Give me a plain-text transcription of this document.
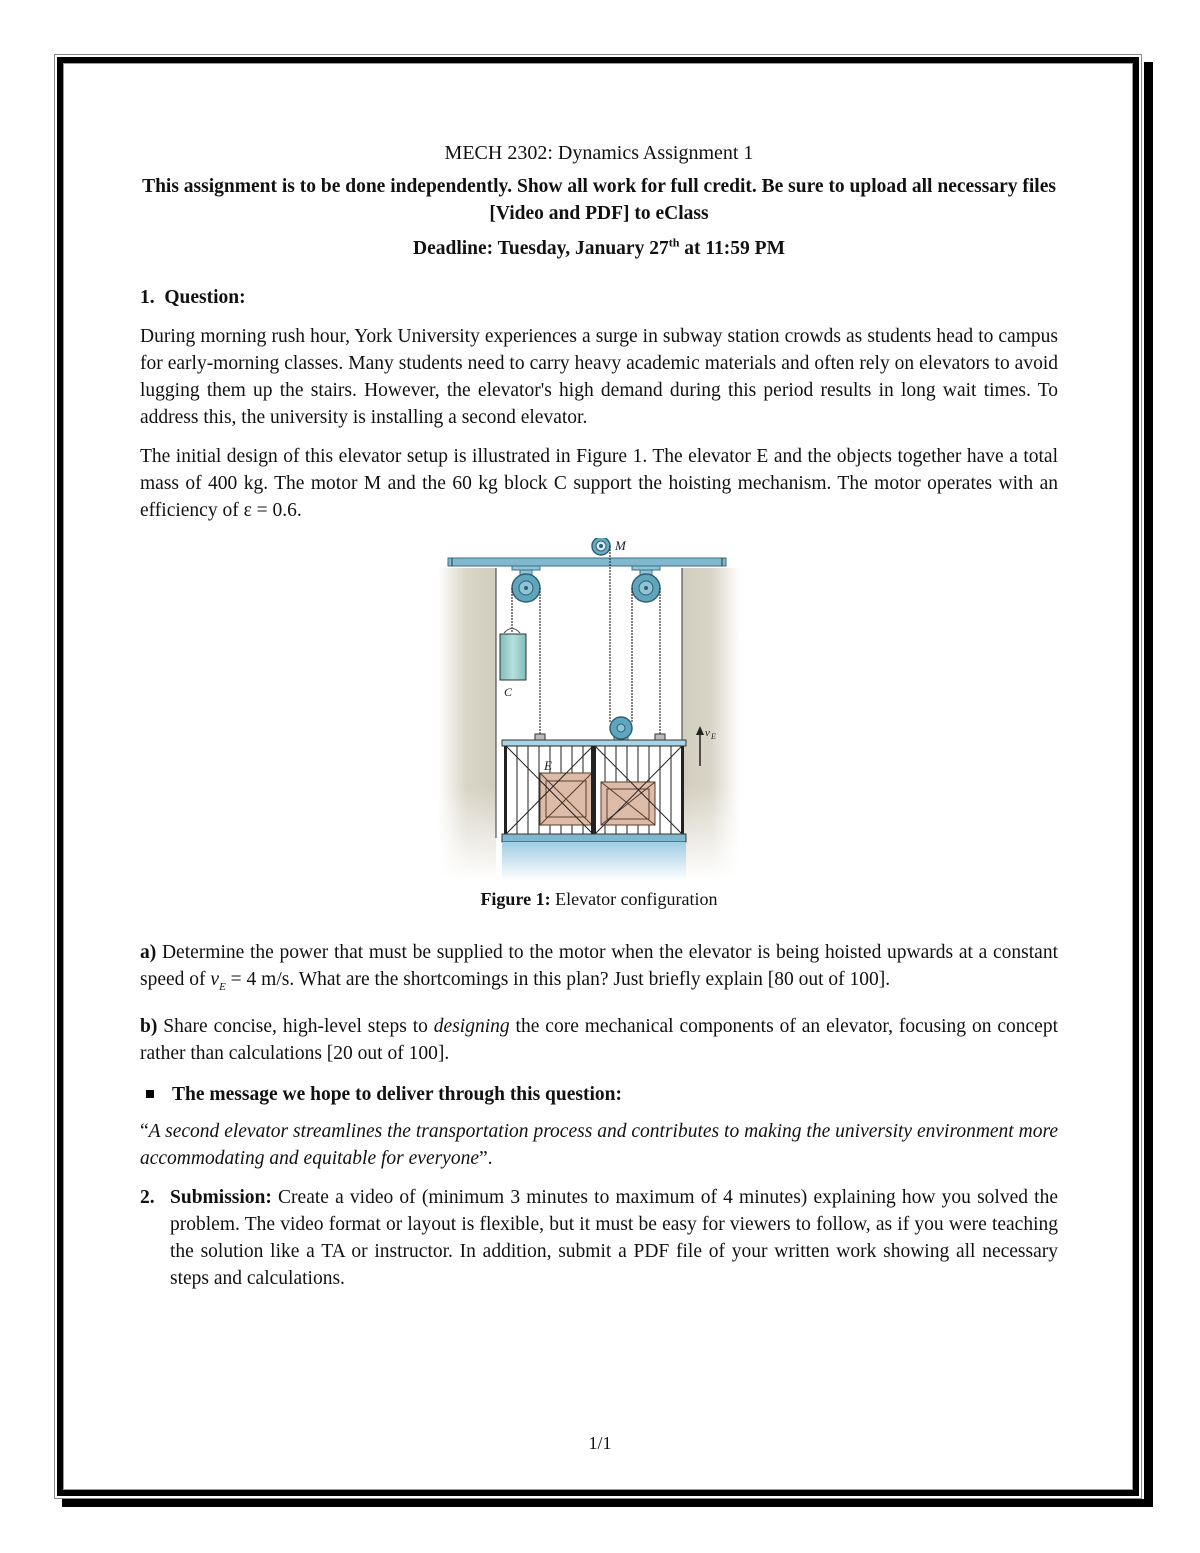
MECH 2302: Dynamics Assignment 1

This assignment is to be done independently. Show all work for full credit. Be sure to upload all necessary files [Video and PDF] to eClass

Deadline: Tuesday, January 27th at 11:59 PM

1. Question:

During morning rush hour, York University experiences a surge in subway station crowds as students head to campus for early-morning classes. Many students need to carry heavy academic materials and often rely on elevators to avoid lugging them up the stairs. However, the elevator's high demand during this period results in long wait times. To address this, the university is installing a second elevator.

The initial design of this elevator setup is illustrated in Figure 1. The elevator E and the objects together have a total mass of 400 kg. The motor M and the 60 kg block C support the hoisting mechanism. The motor operates with an efficiency of ε = 0.6.

M
C
E
v E

Figure 1: Elevator configuration

a) Determine the power that must be supplied to the motor when the elevator is being hoisted upwards at a constant speed of $v_E = 4$ m/s. What are the shortcomings in this plan? Just briefly explain [80 out of 100].

b) Share concise, high-level steps to designing the core mechanical components of an elevator, focusing on concept rather than calculations [20 out of 100].

The message we hope to deliver through this question:

“A second elevator streamlines the transportation process and contributes to making the university environment more accommodating and equitable for everyone”.

2. Submission: Create a video of (minimum 3 minutes to maximum of 4 minutes) explaining how you solved the problem. The video format or layout is flexible, but it must be easy for viewers to follow, as if you were teaching the solution like a TA or instructor. In addition, submit a PDF file of your written work showing all necessary steps and calculations.
1/1
